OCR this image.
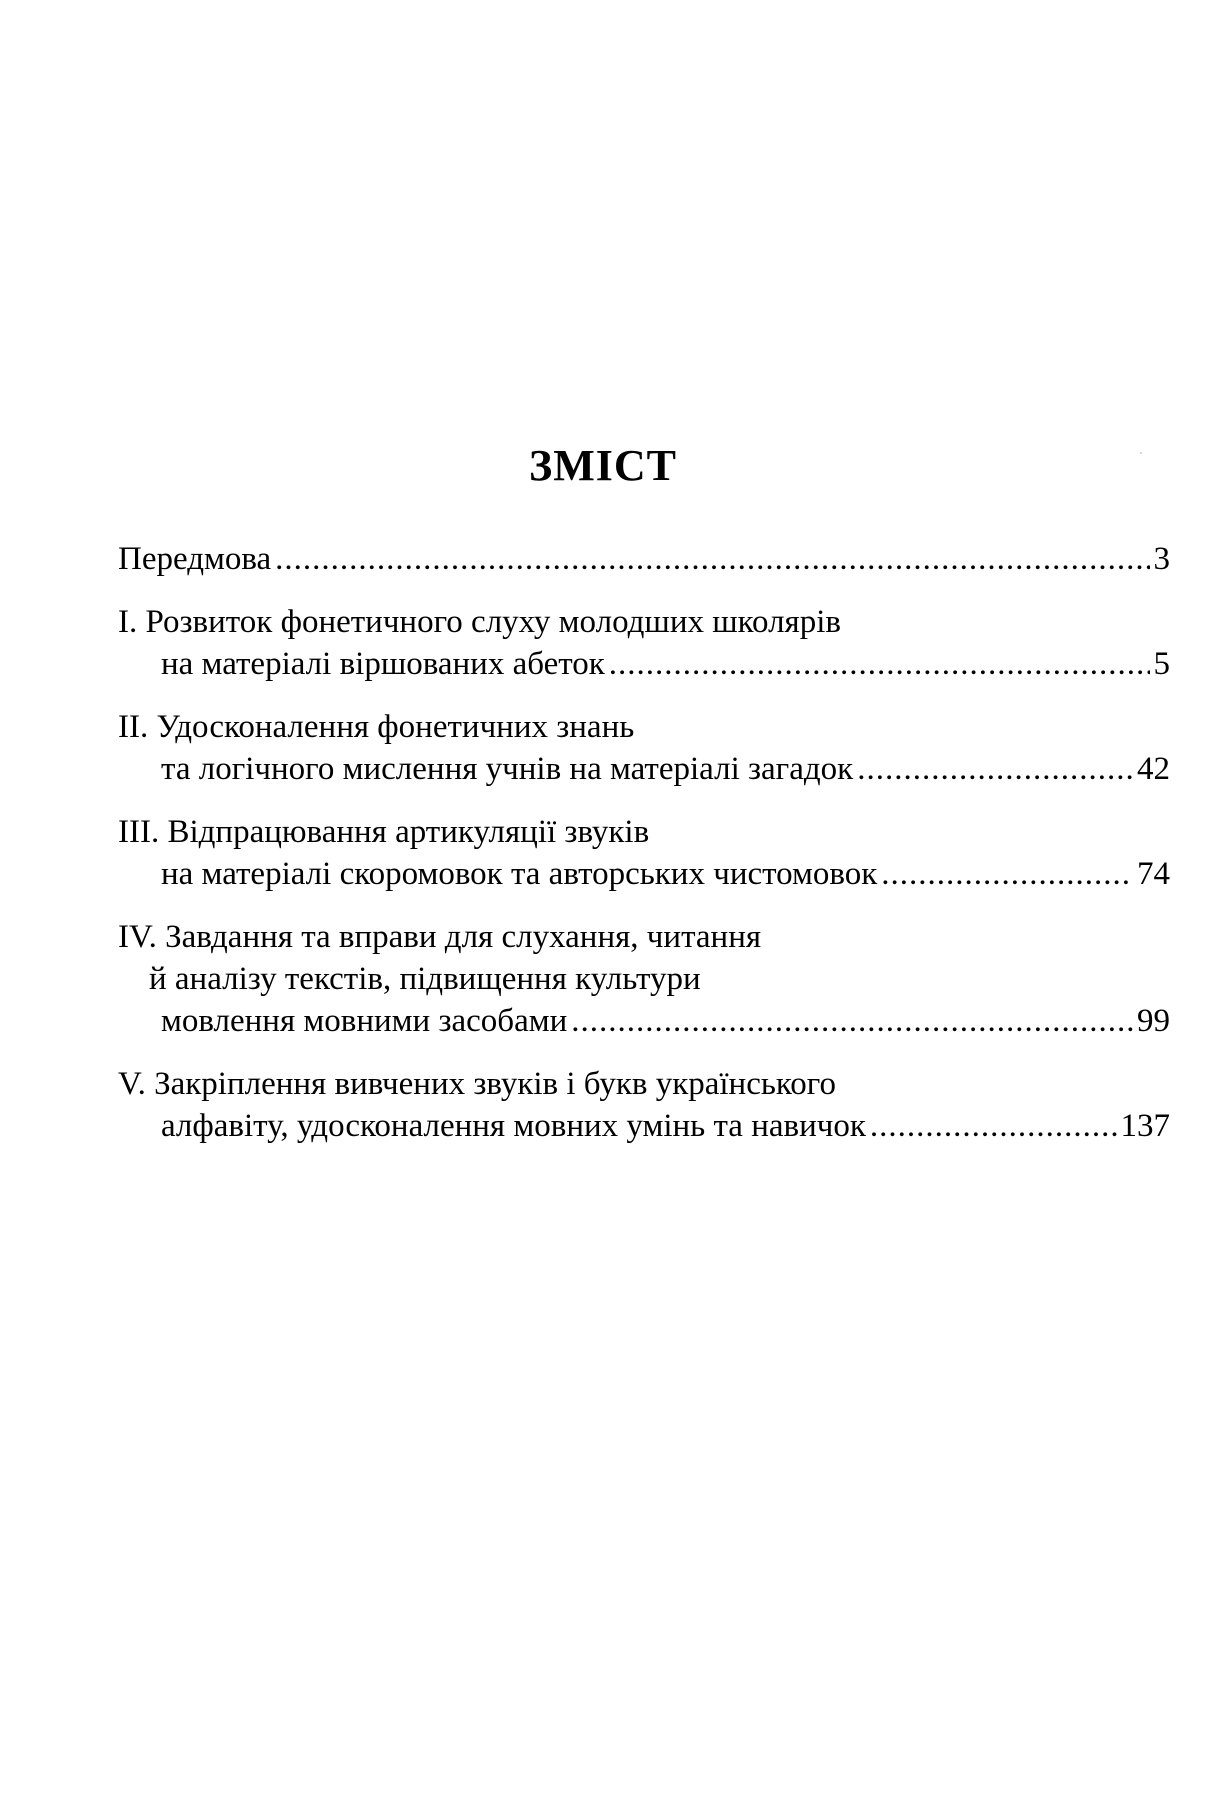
ЗМІСТ
Передмова .....	3
I. Розвиток фонетичного слуху молодших школярів
на матеріалі віршованих абеток .....	5
II. Удосконалення фонетичних знань
та логічного мислення учнів на матеріалі загадок .....	42
III. Відпрацювання артикуляції звуків
на матеріалі скоромовок та авторських чистомовок .....	74
IV. Завдання та вправи для слухання, читання
й аналізу текстів, підвищення культури
мовлення мовними засобами .....	99
V. Закріплення вивчених звуків і букв українського
алфавіту, удосконалення мовних умінь та навичок .....	137
